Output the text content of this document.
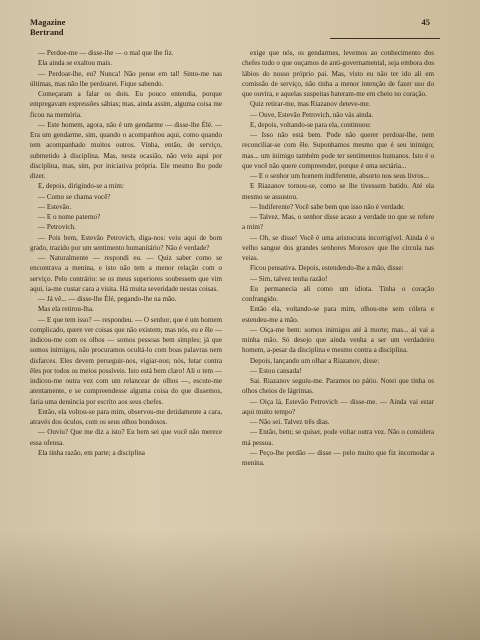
Magazine
Bertrand
45

— Perdoe-me — disse-lhe — o mal que lhe fiz.

Ela ainda se exaltou mais.

— Perdoar-lhe, eu? Nunca! Não pense em tal! Sinto-me nas últimas, mas não lhe perdoarei. Fique sabendo.

Começaram a falar os dois. Eu pouco entendia, porque empregavam expressões sábias; mas, ainda assim, alguma coisa me ficou na memória.

— Este homem, agora, não é um gendarme — disse-lhe Élé. — Era um gendarme, sim, quando o acompanhou aqui, como quando tem acompanhado muitos outros. Vinha, então, de serviço, submetido à disciplina. Mas, nesta ocasião, não veiu aqui por disciplina, mas, sim, por iniciativa própria. Ele mesmo lho pode dizer.

E, depois, dirigindo-se a mim:

— Como se chama você?

— Estevão.

— E o nome paterno?

— Petrovich.

— Pois bem, Estevão Petrovich, diga-nos: veiu aqui de bom grado, trazido por um sentimento humanitário? Não é verdade?

— Naturalmente — respondi eu. — Quiz saber como se encontrava a menina, e isto não tem a menor relação com o serviço. Pelo contrário: se os meus superiores soubessem que vim aqui, ia-me custar cara a visita. Há muita severidade nestas coisas.

— Já vê... — disse-lhe Élé, pegando-lhe na mão.

Mas ela retirou-lha.

— E que tem isso? — respondeu. — O senhor, que é um homem complicado, quere ver coisas que não existem; mas nós, eu e êle — indicou-me com os olhos — somos pessoas bem simples; já que somos inimigos, não procuramos ocultá-lo com boas palavras nem disfarces. Eles devem perseguir-nos, vigiar-nos; nós, lutar contra êles por todos os meios possíveis. Isto está bem claro! Ali o tem — indicou-me outra vez com um relancear de olhos —, escute-me atentamente, e se compreendesse alguma coisa do que dissemos, faria uma denúncia por escrito aos seus chefes.

Então, ela voltou-se para mim, observou-me detidamente a cara, através dos óculos, com os seus olhos bondosos.

— Ouviu? Que me diz a isto? Eu bem sei que você não merece essa ofensa.

Ela tinha razão, em parte; a disciplina

exige que nós, os gendarmes, levemos ao conhecimento dos chefes tudo o que ouçamos de anti-governamental, seja embora dos lábios do nosso próprio pai. Mas, visto eu não ter ido ali em comissão de serviço, não tinha a menor intenção de fazer uso do que ouvira, e aquelas suspeitas bateram-me em cheio no coração.

Quiz retirar-me, mas Riazanov deteve-me.

— Ouve, Estevão Petrovich, não vás ainda.

E, depois, voltando-se para ela, continuou:

— Isso não está bem. Pode não querer perdoar-lhe, nem reconciliar-se com êle. Suponhamos mesmo que é seu inimigo; mas... um inimigo também pode ter sentimentos humanos. Isto é o que você não quere compreender, porque é uma sectária...

— E o senhor um homem indiferente, absorto nos seus livros...

E Riazanov tornou-se, como se lhe tivessem batido. Até ela mesmo se assustou.

— Indiferente? Você sabe bem que isso não é verdade.

— Talvez. Mas, o senhor disse acaso a verdade no que se refere a mim?

— Oh, se disse! Você é uma aristocrata incorrigível. Ainda é o velho sangue dos grandes senhores Morosov que lhe circula nas veias.

Ficou pensativa. Depois, estendendo-lhe a mão, disse:

— Sim, talvez tenha razão!

Eu permanecia ali como um idiota. Tinha o coração confrangido.

Então ela, voltando-se para mim, olhou-me sem cólera e estendeu-me a mão.

— Oiça-me bem: somos inimigos até à morte; mas... ai vai a minha mão. Só desejo que ainda venha a ser um verdadeiro homem, a-pesar da disciplina e mesmo contra a disciplina.

Depois, lançando um olhar a Riazanov, disse:

— Estou cansada!

Sai. Riazanov seguiu-me. Paramos no pátio. Notei que tinha os olhos cheios de lágrimas.

— Oiça lá, Estevão Petrovich — disse-me. — Ainda vai estar aqui muito tempo?

— Não sei. Talvez três dias.

— Então, bem; se quiser, pode voltar outra vez. Não o considera má pessoa.

— Peço-lhe perdão — disse — pelo muito que fiz incomodar a menina.
